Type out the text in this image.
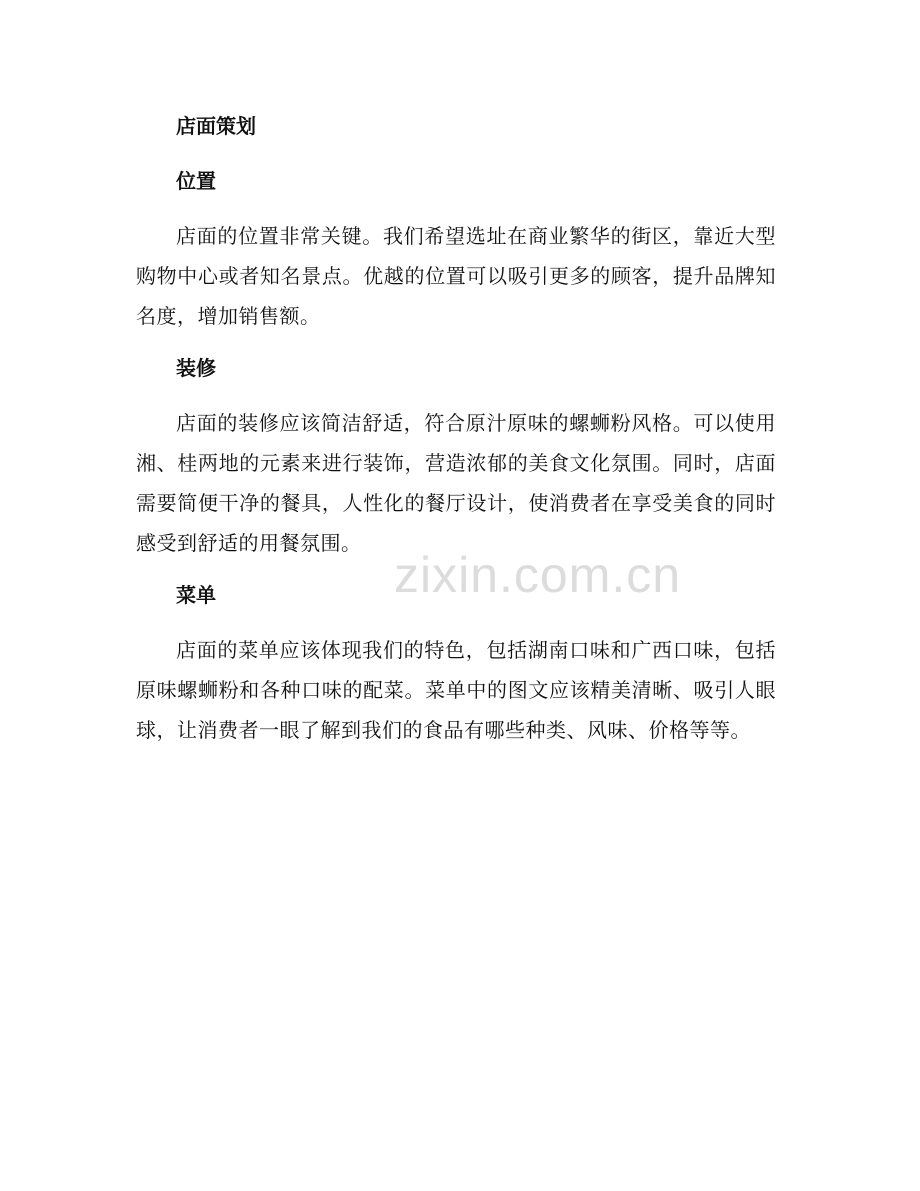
店面策划
位置

店面的位置非常关键。我们希望选址在商业繁华的街区，靠近大型购物中心或者知名景点。优越的位置可以吸引更多的顾客，提升品牌知名度，增加销售额。

装修

店面的装修应该简洁舒适，符合原汁原味的螺蛳粉风格。可以使用湘、桂两地的元素来进行装饰，营造浓郁的美食文化氛围。同时，店面需要简便干净的餐具，人性化的餐厅设计，使消费者在享受美食的同时感受到舒适的用餐氛围。

菜单

店面的菜单应该体现我们的特色，包括湖南口味和广西口味，包括原味螺蛳粉和各种口味的配菜。菜单中的图文应该精美清晰、吸引人眼球，让消费者一眼了解到我们的食品有哪些种类、风味、价格等等。

zixin.com.cn
